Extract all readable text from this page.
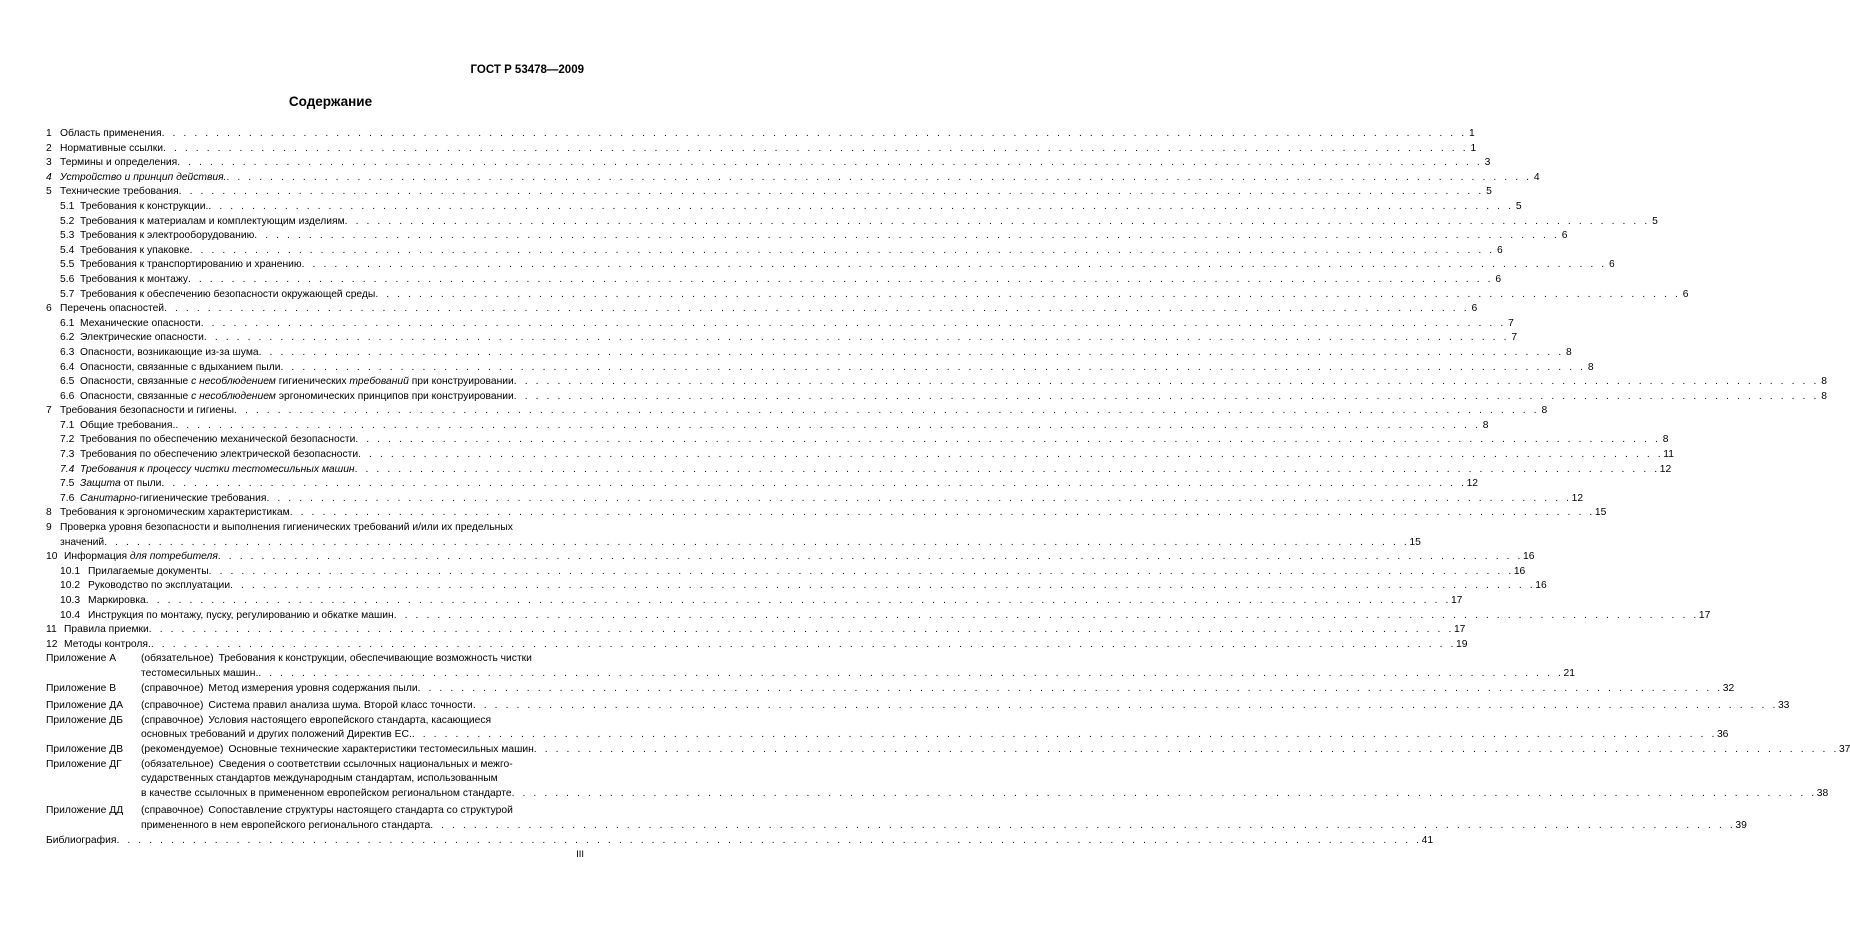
ГОСТ Р 53478—2009
Содержание
1 Область применения . . . . . . . . . . . . . . . . . . . . . . . . . . . . . . . . . . . . . . . . . . . . . . . . . . . . . . . . . . . . . . . . . . . . . . . . . . . . . . . . . . . . . . . . . . . . . . . . . . . . . . . . . . . . . . . . . . . . . . . . 1
2 Нормативные ссылки . . . . . . . . . . . . . . . . . . . . . . . . . . . . . . . . . . . . . . . . . . . . . . . . . . . . . . . . . . . . . . . . . . . . . . . . . . . . . . . . . . . . . . . . . . . . . . . . . . . . . . . . . . . . . . . . . . . . . . . . 1
3 Термины и определения . . . . . . . . . . . . . . . . . . . . . . . . . . . . . . . . . . . . . . . . . . . . . . . . . . . . . . . . . . . . . . . . . . . . . . . . . . . . . . . . . . . . . . . . . . . . . . . . . . . . . . . . . . . . . . . . . . . . . . . . 3
4 Устройство и принцип действия. . . . . . . . . . . . . . . . . . . . . . . . . . . . . . . . . . . . . . . . . . . . . . . . . . . . . . . . . . . . . . . . . . . . . . . . . . . . . . . . . . . . . . . . . . . . . . . . . . . . . . . . . . . . . . . . . . . . . . . . . 4
5 Технические требования . . . . . . . . . . . . . . . . . . . . . . . . . . . . . . . . . . . . . . . . . . . . . . . . . . . . . . . . . . . . . . . . . . . . . . . . . . . . . . . . . . . . . . . . . . . . . . . . . . . . . . . . . . . . . . . . . . . . . . . . 5
5.1 Требования к конструкции. . . . . . . . . . . . . . . . . . . . . . . . . . . . . . . . . . . . . . . . . . . . . . . . . . . . . . . . . . . . . . . . . . . . . . . . . . . . . . . . . . . . . . . . . . . . . . . . . . . . . . . . . . . . . . . . . . . . . . . . . 5
5.2 Требования к материалам и комплектующим изделиям . . . . . . . . . . . . . . . . . . . . . . . . . . . . . . . . . . . . . . . . . . . . . . . . . . . . . . . . . . . . . . . . . . . . . . . . . . . . . . . . . . . . . . . . . . . . . . . . . . . . . . . . . . . . . . . . . . . . . . . . 5
5.3 Требования к электрооборудованию . . . . . . . . . . . . . . . . . . . . . . . . . . . . . . . . . . . . . . . . . . . . . . . . . . . . . . . . . . . . . . . . . . . . . . . . . . . . . . . . . . . . . . . . . . . . . . . . . . . . . . . . . . . . . . . . . . . . . . . . 6
5.4 Требования к упаковке . . . . . . . . . . . . . . . . . . . . . . . . . . . . . . . . . . . . . . . . . . . . . . . . . . . . . . . . . . . . . . . . . . . . . . . . . . . . . . . . . . . . . . . . . . . . . . . . . . . . . . . . . . . . . . . . . . . . . . . . 6
5.5 Требования к транспортированию и хранению . . . . . . . . . . . . . . . . . . . . . . . . . . . . . . . . . . . . . . . . . . . . . . . . . . . . . . . . . . . . . . . . . . . . . . . . . . . . . . . . . . . . . . . . . . . . . . . . . . . . . . . . . . . . . . . . . . . . . . . . 6
5.6 Требования к монтажу . . . . . . . . . . . . . . . . . . . . . . . . . . . . . . . . . . . . . . . . . . . . . . . . . . . . . . . . . . . . . . . . . . . . . . . . . . . . . . . . . . . . . . . . . . . . . . . . . . . . . . . . . . . . . . . . . . . . . . . . 6
5.7 Требования к обеспечению безопасности окружающей среды . . . . . . . . . . . . . . . . . . . . . . . . . . . . . . . . . . . . . . . . . . . . . . . . . . . . . . . . . . . . . . . . . . . . . . . . . . . . . . . . . . . . . . . . . . . . . . . . . . . . . . . . . . . . . . . . . . . . . . . . 6
6 Перечень опасностей . . . . . . . . . . . . . . . . . . . . . . . . . . . . . . . . . . . . . . . . . . . . . . . . . . . . . . . . . . . . . . . . . . . . . . . . . . . . . . . . . . . . . . . . . . . . . . . . . . . . . . . . . . . . . . . . . . . . . . . . 6
6.1 Механические опасности . . . . . . . . . . . . . . . . . . . . . . . . . . . . . . . . . . . . . . . . . . . . . . . . . . . . . . . . . . . . . . . . . . . . . . . . . . . . . . . . . . . . . . . . . . . . . . . . . . . . . . . . . . . . . . . . . . . . . . . . 7
6.2 Электрические опасности . . . . . . . . . . . . . . . . . . . . . . . . . . . . . . . . . . . . . . . . . . . . . . . . . . . . . . . . . . . . . . . . . . . . . . . . . . . . . . . . . . . . . . . . . . . . . . . . . . . . . . . . . . . . . . . . . . . . . . . . 7
6.3 Опасности, возникающие из-за шума . . . . . . . . . . . . . . . . . . . . . . . . . . . . . . . . . . . . . . . . . . . . . . . . . . . . . . . . . . . . . . . . . . . . . . . . . . . . . . . . . . . . . . . . . . . . . . . . . . . . . . . . . . . . . . . . . . . . . . . . 8
6.4 Опасности, связанные с вдыханием пыли . . . . . . . . . . . . . . . . . . . . . . . . . . . . . . . . . . . . . . . . . . . . . . . . . . . . . . . . . . . . . . . . . . . . . . . . . . . . . . . . . . . . . . . . . . . . . . . . . . . . . . . . . . . . . . . . . . . . . . . . 8
6.5 Опасности, связанные с несоблюдением гигиенических требований при конструировании . . . . . . . . . . . . . . . . . . . . . . . . . . . . . . . . . . . . . . . . . . . . . . . . . . . . . . . . . . . . . . . . . . . . . . . . . . . . . . . . . . . . . . . . . . . . . . . . . . . . . . . . . . . . . . . . . . . . . . . . 8
6.6 Опасности, связанные с несоблюдением эргономических принципов при конструировании . . . . . . . . . . . . . . . . . . . . . . . . . . . . . . . . . . . . . . . . . . . . . . . . . . . . . . . . . . . . . . . . . . . . . . . . . . . . . . . . . . . . . . . . . . . . . . . . . . . . . . . . . . . . . . . . . . . . . . . . 8
7 Требования безопасности и гигиены . . . . . . . . . . . . . . . . . . . . . . . . . . . . . . . . . . . . . . . . . . . . . . . . . . . . . . . . . . . . . . . . . . . . . . . . . . . . . . . . . . . . . . . . . . . . . . . . . . . . . . . . . . . . . . . . . . . . . . . . 8
7.1 Общие требования. . . . . . . . . . . . . . . . . . . . . . . . . . . . . . . . . . . . . . . . . . . . . . . . . . . . . . . . . . . . . . . . . . . . . . . . . . . . . . . . . . . . . . . . . . . . . . . . . . . . . . . . . . . . . . . . . . . . . . . . . 8
7.2 Требования по обеспечению механической безопасности . . . . . . . . . . . . . . . . . . . . . . . . . . . . . . . . . . . . . . . . . . . . . . . . . . . . . . . . . . . . . . . . . . . . . . . . . . . . . . . . . . . . . . . . . . . . . . . . . . . . . . . . . . . . . . . . . . . . . . . . 8
7.3 Требования по обеспечению электрической безопасности . . . . . . . . . . . . . . . . . . . . . . . . . . . . . . . . . . . . . . . . . . . . . . . . . . . . . . . . . . . . . . . . . . . . . . . . . . . . . . . . . . . . . . . . . . . . . . . . . . . . . . . . . . . . . . . . . . . . . . . . 11
7.4 Требования к процессу чистки тестомесильных машин . . . . . . . . . . . . . . . . . . . . . . . . . . . . . . . . . . . . . . . . . . . . . . . . . . . . . . . . . . . . . . . . . . . . . . . . . . . . . . . . . . . . . . . . . . . . . . . . . . . . . . . . . . . . . . . . . . . . . . . . 12
7.5 Защита от пыли . . . . . . . . . . . . . . . . . . . . . . . . . . . . . . . . . . . . . . . . . . . . . . . . . . . . . . . . . . . . . . . . . . . . . . . . . . . . . . . . . . . . . . . . . . . . . . . . . . . . . . . . . . . . . . . . . . . . . . . . 12
7.6 Санитарно-гигиенические требования . . . . . . . . . . . . . . . . . . . . . . . . . . . . . . . . . . . . . . . . . . . . . . . . . . . . . . . . . . . . . . . . . . . . . . . . . . . . . . . . . . . . . . . . . . . . . . . . . . . . . . . . . . . . . . . . . . . . . . . . 12
8 Требования к эргономическим характеристикам . . . . . . . . . . . . . . . . . . . . . . . . . . . . . . . . . . . . . . . . . . . . . . . . . . . . . . . . . . . . . . . . . . . . . . . . . . . . . . . . . . . . . . . . . . . . . . . . . . . . . . . . . . . . . . . . . . . . . . . . 15
9 Проверка уровня безопасности и выполнения гигиенических требований и/или их предельных
значений . . . . . . . . . . . . . . . . . . . . . . . . . . . . . . . . . . . . . . . . . . . . . . . . . . . . . . . . . . . . . . . . . . . . . . . . . . . . . . . . . . . . . . . . . . . . . . . . . . . . . . . . . . . . . . . . . . . . . . . . 15
10 Информация для потребителя . . . . . . . . . . . . . . . . . . . . . . . . . . . . . . . . . . . . . . . . . . . . . . . . . . . . . . . . . . . . . . . . . . . . . . . . . . . . . . . . . . . . . . . . . . . . . . . . . . . . . . . . . . . . . . . . . . . . . . . . 16
10.1 Прилагаемые документы . . . . . . . . . . . . . . . . . . . . . . . . . . . . . . . . . . . . . . . . . . . . . . . . . . . . . . . . . . . . . . . . . . . . . . . . . . . . . . . . . . . . . . . . . . . . . . . . . . . . . . . . . . . . . . . . . . . . . . . . 16
10.2 Руководство по эксплуатации . . . . . . . . . . . . . . . . . . . . . . . . . . . . . . . . . . . . . . . . . . . . . . . . . . . . . . . . . . . . . . . . . . . . . . . . . . . . . . . . . . . . . . . . . . . . . . . . . . . . . . . . . . . . . . . . . . . . . . . . 16
10.3 Маркировка . . . . . . . . . . . . . . . . . . . . . . . . . . . . . . . . . . . . . . . . . . . . . . . . . . . . . . . . . . . . . . . . . . . . . . . . . . . . . . . . . . . . . . . . . . . . . . . . . . . . . . . . . . . . . . . . . . . . . . . . 17
10.4 Инструкция по монтажу, пуску, регулированию и обкатке машин . . . . . . . . . . . . . . . . . . . . . . . . . . . . . . . . . . . . . . . . . . . . . . . . . . . . . . . . . . . . . . . . . . . . . . . . . . . . . . . . . . . . . . . . . . . . . . . . . . . . . . . . . . . . . . . . . . . . . . . . 17
11 Правила приемки . . . . . . . . . . . . . . . . . . . . . . . . . . . . . . . . . . . . . . . . . . . . . . . . . . . . . . . . . . . . . . . . . . . . . . . . . . . . . . . . . . . . . . . . . . . . . . . . . . . . . . . . . . . . . . . . . . . . . . . . 17
12 Методы контроля. . . . . . . . . . . . . . . . . . . . . . . . . . . . . . . . . . . . . . . . . . . . . . . . . . . . . . . . . . . . . . . . . . . . . . . . . . . . . . . . . . . . . . . . . . . . . . . . . . . . . . . . . . . . . . . . . . . . . . . . . 19
Приложение А	(обязательное) Требования к конструкции, обеспечивающие возможность чистки
тестомесильных машин. . . . . . . . . . . . . . . . . . . . . . . . . . . . . . . . . . . . . . . . . . . . . . . . . . . . . . . . . . . . . . . . . . . . . . . . . . . . . . . . . . . . . . . . . . . . . . . . . . . . . . . . . . . . . . . . . . . . . . . . . 21
Приложение В	(справочное) Метод измерения уровня содержания пыли . . . . . . . . . . . . . . . . . . . . . . . . . . . . . . . . . . . . . . . . . . . . . . . . . . . . . . . . . . . . . . . . . . . . . . . . . . . . . . . . . . . . . . . . . . . . . . . . . . . . . . . . . . . . . . . . . . . . . . . . 32
Приложение ДА	(справочное) Система правил анализа шума. Второй класс точности . . . . . . . . . . . . . . . . . . . . . . . . . . . . . . . . . . . . . . . . . . . . . . . . . . . . . . . . . . . . . . . . . . . . . . . . . . . . . . . . . . . . . . . . . . . . . . . . . . . . . . . . . . . . . . . . . . . . . . . . 33
Приложение ДБ	(справочное) Условия настоящего европейского стандарта, касающиеся
основных требований и других положений Директив ЕС. . . . . . . . . . . . . . . . . . . . . . . . . . . . . . . . . . . . . . . . . . . . . . . . . . . . . . . . . . . . . . . . . . . . . . . . . . . . . . . . . . . . . . . . . . . . . . . . . . . . . . . . . . . . . . . . . . . . . . . . . 36
Приложение ДВ	(рекомендуемое) Основные технические характеристики тестомесильных машин . . . . . . . . . . . . . . . . . . . . . . . . . . . . . . . . . . . . . . . . . . . . . . . . . . . . . . . . . . . . . . . . . . . . . . . . . . . . . . . . . . . . . . . . . . . . . . . . . . . . . . . . . . . . . . . . . . . . . . . . 37
Приложение ДГ	(обязательное) Сведения о соответствии ссылочных национальных и межго-
сударственных стандартов международным стандартам, использованным
в качестве ссылочных в примененном европейском региональном стандарте . . . . . . . . . . . . . . . . . . . . . . . . . . . . . . . . . . . . . . . . . . . . . . . . . . . . . . . . . . . . . . . . . . . . . . . . . . . . . . . . . . . . . . . . . . . . . . . . . . . . . . . . . . . . . . . . . . . . . . . . 38
Приложение ДД	(справочное) Сопоставление структуры настоящего стандарта со структурой
примененного в нем европейского регионального стандарта . . . . . . . . . . . . . . . . . . . . . . . . . . . . . . . . . . . . . . . . . . . . . . . . . . . . . . . . . . . . . . . . . . . . . . . . . . . . . . . . . . . . . . . . . . . . . . . . . . . . . . . . . . . . . . . . . . . . . . . . 39
Библиография . . . . . . . . . . . . . . . . . . . . . . . . . . . . . . . . . . . . . . . . . . . . . . . . . . . . . . . . . . . . . . . . . . . . . . . . . . . . . . . . . . . . . . . . . . . . . . . . . . . . . . . . . . . . . . . . . . . . . . . . 41
III
